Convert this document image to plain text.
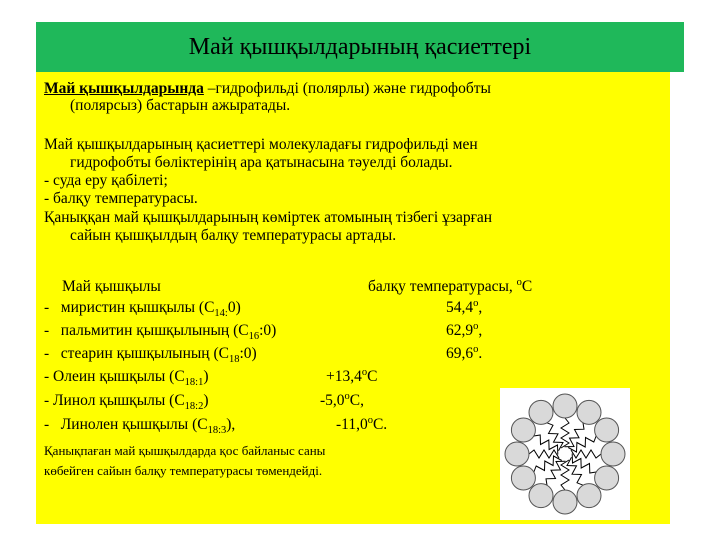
Май қышқылдарының қасиеттері
Май қышқылдарында –гидрофильді (полярлы) және гидрофобты
(полярсыз) бастарын ажыратады.
Май қышқылдарының қасиеттері молекуладағы гидрофильді мен
гидрофобты бөліктерінің ара қатынасына тәуелді болады.
- суда еру қабілеті;
- балқу температурасы.
Қаныққан май қышқылдарының көміртек атомының тізбегі ұзарған
сайын қышқылдың балқу температурасы артады.
Май қышқылы	балқу температурасы, $^о$С
- миристин қышқылы $(С_{14:}0)$	$54,4^о$,
- пальмитин қышқылының $(С_{16}:0)$	$62,9^о$,
- стеарин қышқылының $(С_{18}:0)$	$69,6^о$.
- Олеин қышқылы $(С_{18:1})$	$+13,4^оС$
- Линол қышқылы $(С_{18:2})$	$-5,0^оС$,
- Линолен қышқылы $(С_{18:3})$,	$-11,0^оС$.
Қанықпаған май қышқылдарда қос байланыс саны
көбейген сайын балқу температурасы төмендейді.
